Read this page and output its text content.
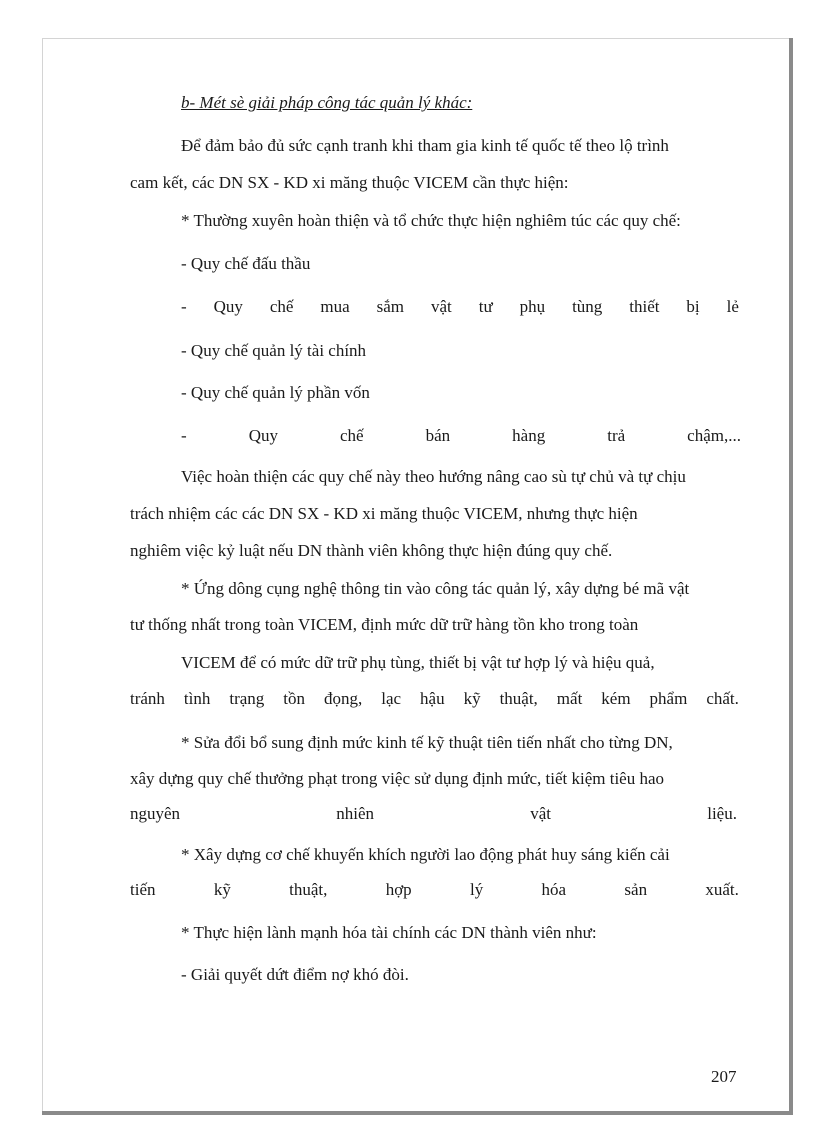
b- Mét sè giải pháp công tác quản lý khác:
Để đảm bảo đủ sức cạnh tranh khi tham gia kinh tế quốc tế theo lộ trình
cam kết, các DN SX - KD xi măng thuộc VICEM cần thực hiện:
* Thường xuyên hoàn thiện và tổ chức thực hiện nghiêm túc các quy chế:
- Quy chế đấu thầu
- Quy chế mua sắm vật tư phụ tùng thiết bị lẻ
- Quy chế quản lý tài chính
- Quy chế quản lý phần vốn
-	Quy	chế	bán	hàng	trả	chậm,...
Việc hoàn thiện các quy chế này theo hướng nâng cao sù tự chủ và tự chịu
trách nhiệm các các DN SX - KD xi măng thuộc VICEM, nhưng thực hiện
nghiêm việc kỷ luật nếu DN thành viên không thực hiện đúng quy chế.
* Ứng dông cụng nghệ thông tin vào công tác quản lý, xây dựng bé mã vật
tư thống nhất trong toàn VICEM, định mức dữ trữ hàng tồn kho trong toàn
VICEM để có mức dữ trữ phụ tùng, thiết bị vật tư hợp lý và hiệu quả,
tránh tình trạng tồn đọng, lạc hậu kỹ thuật, mất kém phẩm chất.
* Sửa đổi bổ sung định mức kinh tế kỹ thuật tiên tiến nhất cho từng DN,
xây dựng quy chế thưởng phạt trong việc sử dụng định mức, tiết kiệm tiêu hao
nguyên	nhiên	vật	liệu.
* Xây dựng cơ chế khuyến khích người lao động phát huy sáng kiến cải
tiến	kỹ	thuật,	hợp	lý	hóa	sản	xuất.
* Thực hiện lành mạnh hóa tài chính các DN thành viên như:
- Giải quyết dứt điểm nợ khó đòi.
207
